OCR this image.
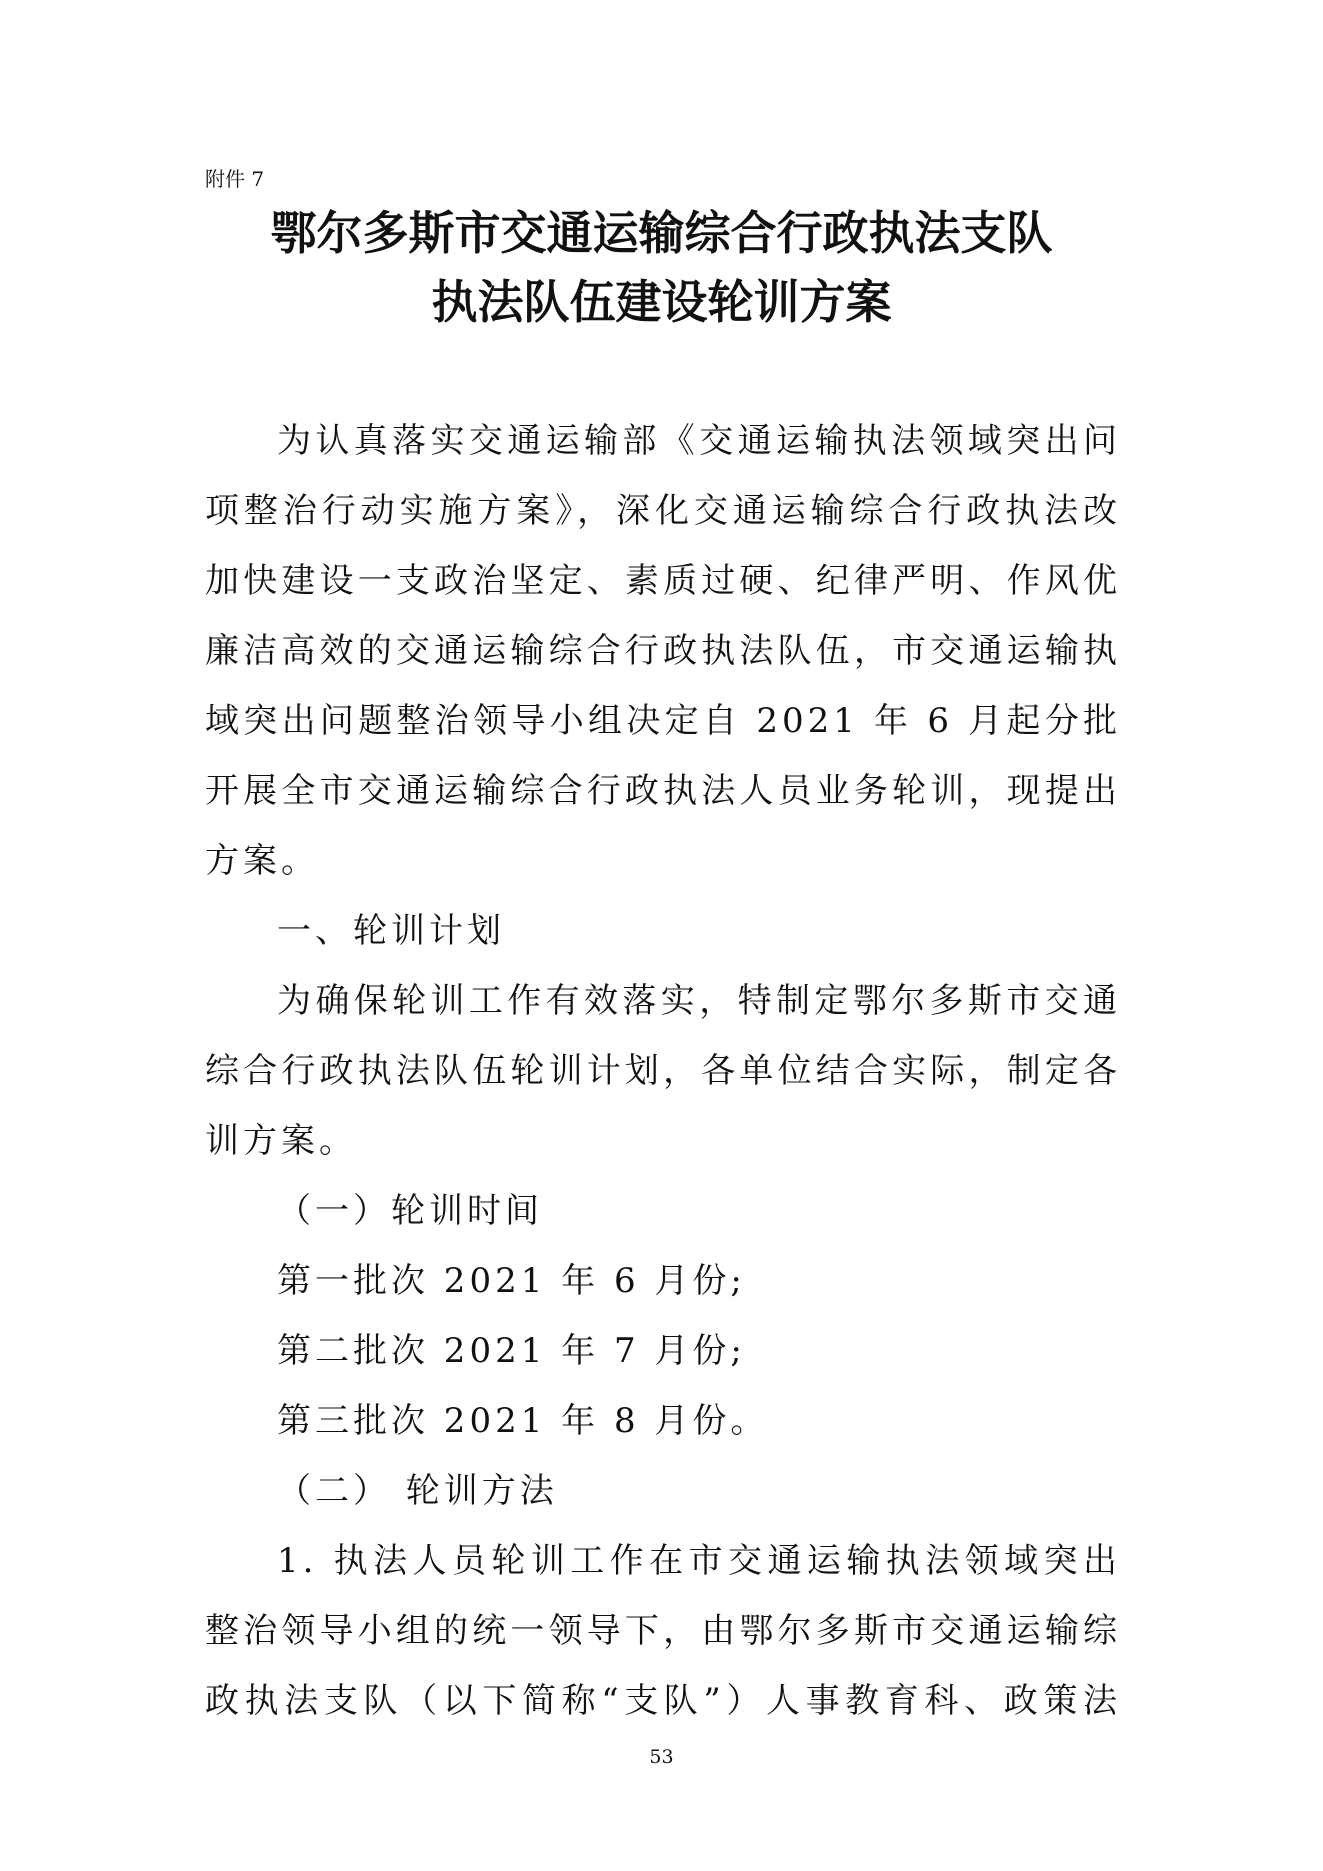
附件 7
鄂尔多斯市交通运输综合行政执法支队
执法队伍建设轮训方案
为认真落实交通运输部《交通运输执法领域突出问
项整治行动实施方案》，深化交通运输综合行政执法改
加快建设一支政治坚定、素质过硬、纪律严明、作风优
廉洁高效的交通运输综合行政执法队伍，市交通运输执
域突出问题整治领导小组决定自 2021 年 6 月起分批
开展全市交通运输综合行政执法人员业务轮训，现提出
方案。
一、轮训计划
为确保轮训工作有效落实，特制定鄂尔多斯市交通
综合行政执法队伍轮训计划，各单位结合实际，制定各
训方案。
（一）轮训时间
第一批次 2021 年 6 月份;
第二批次 2021 年 7 月份;
第三批次 2021 年 8 月份。
（二） 轮训方法
1. 执法人员轮训工作在市交通运输执法领域突出
整治领导小组的统一领导下，由鄂尔多斯市交通运输综
政执法支队（以下简称“支队”）人事教育科、政策法
53
